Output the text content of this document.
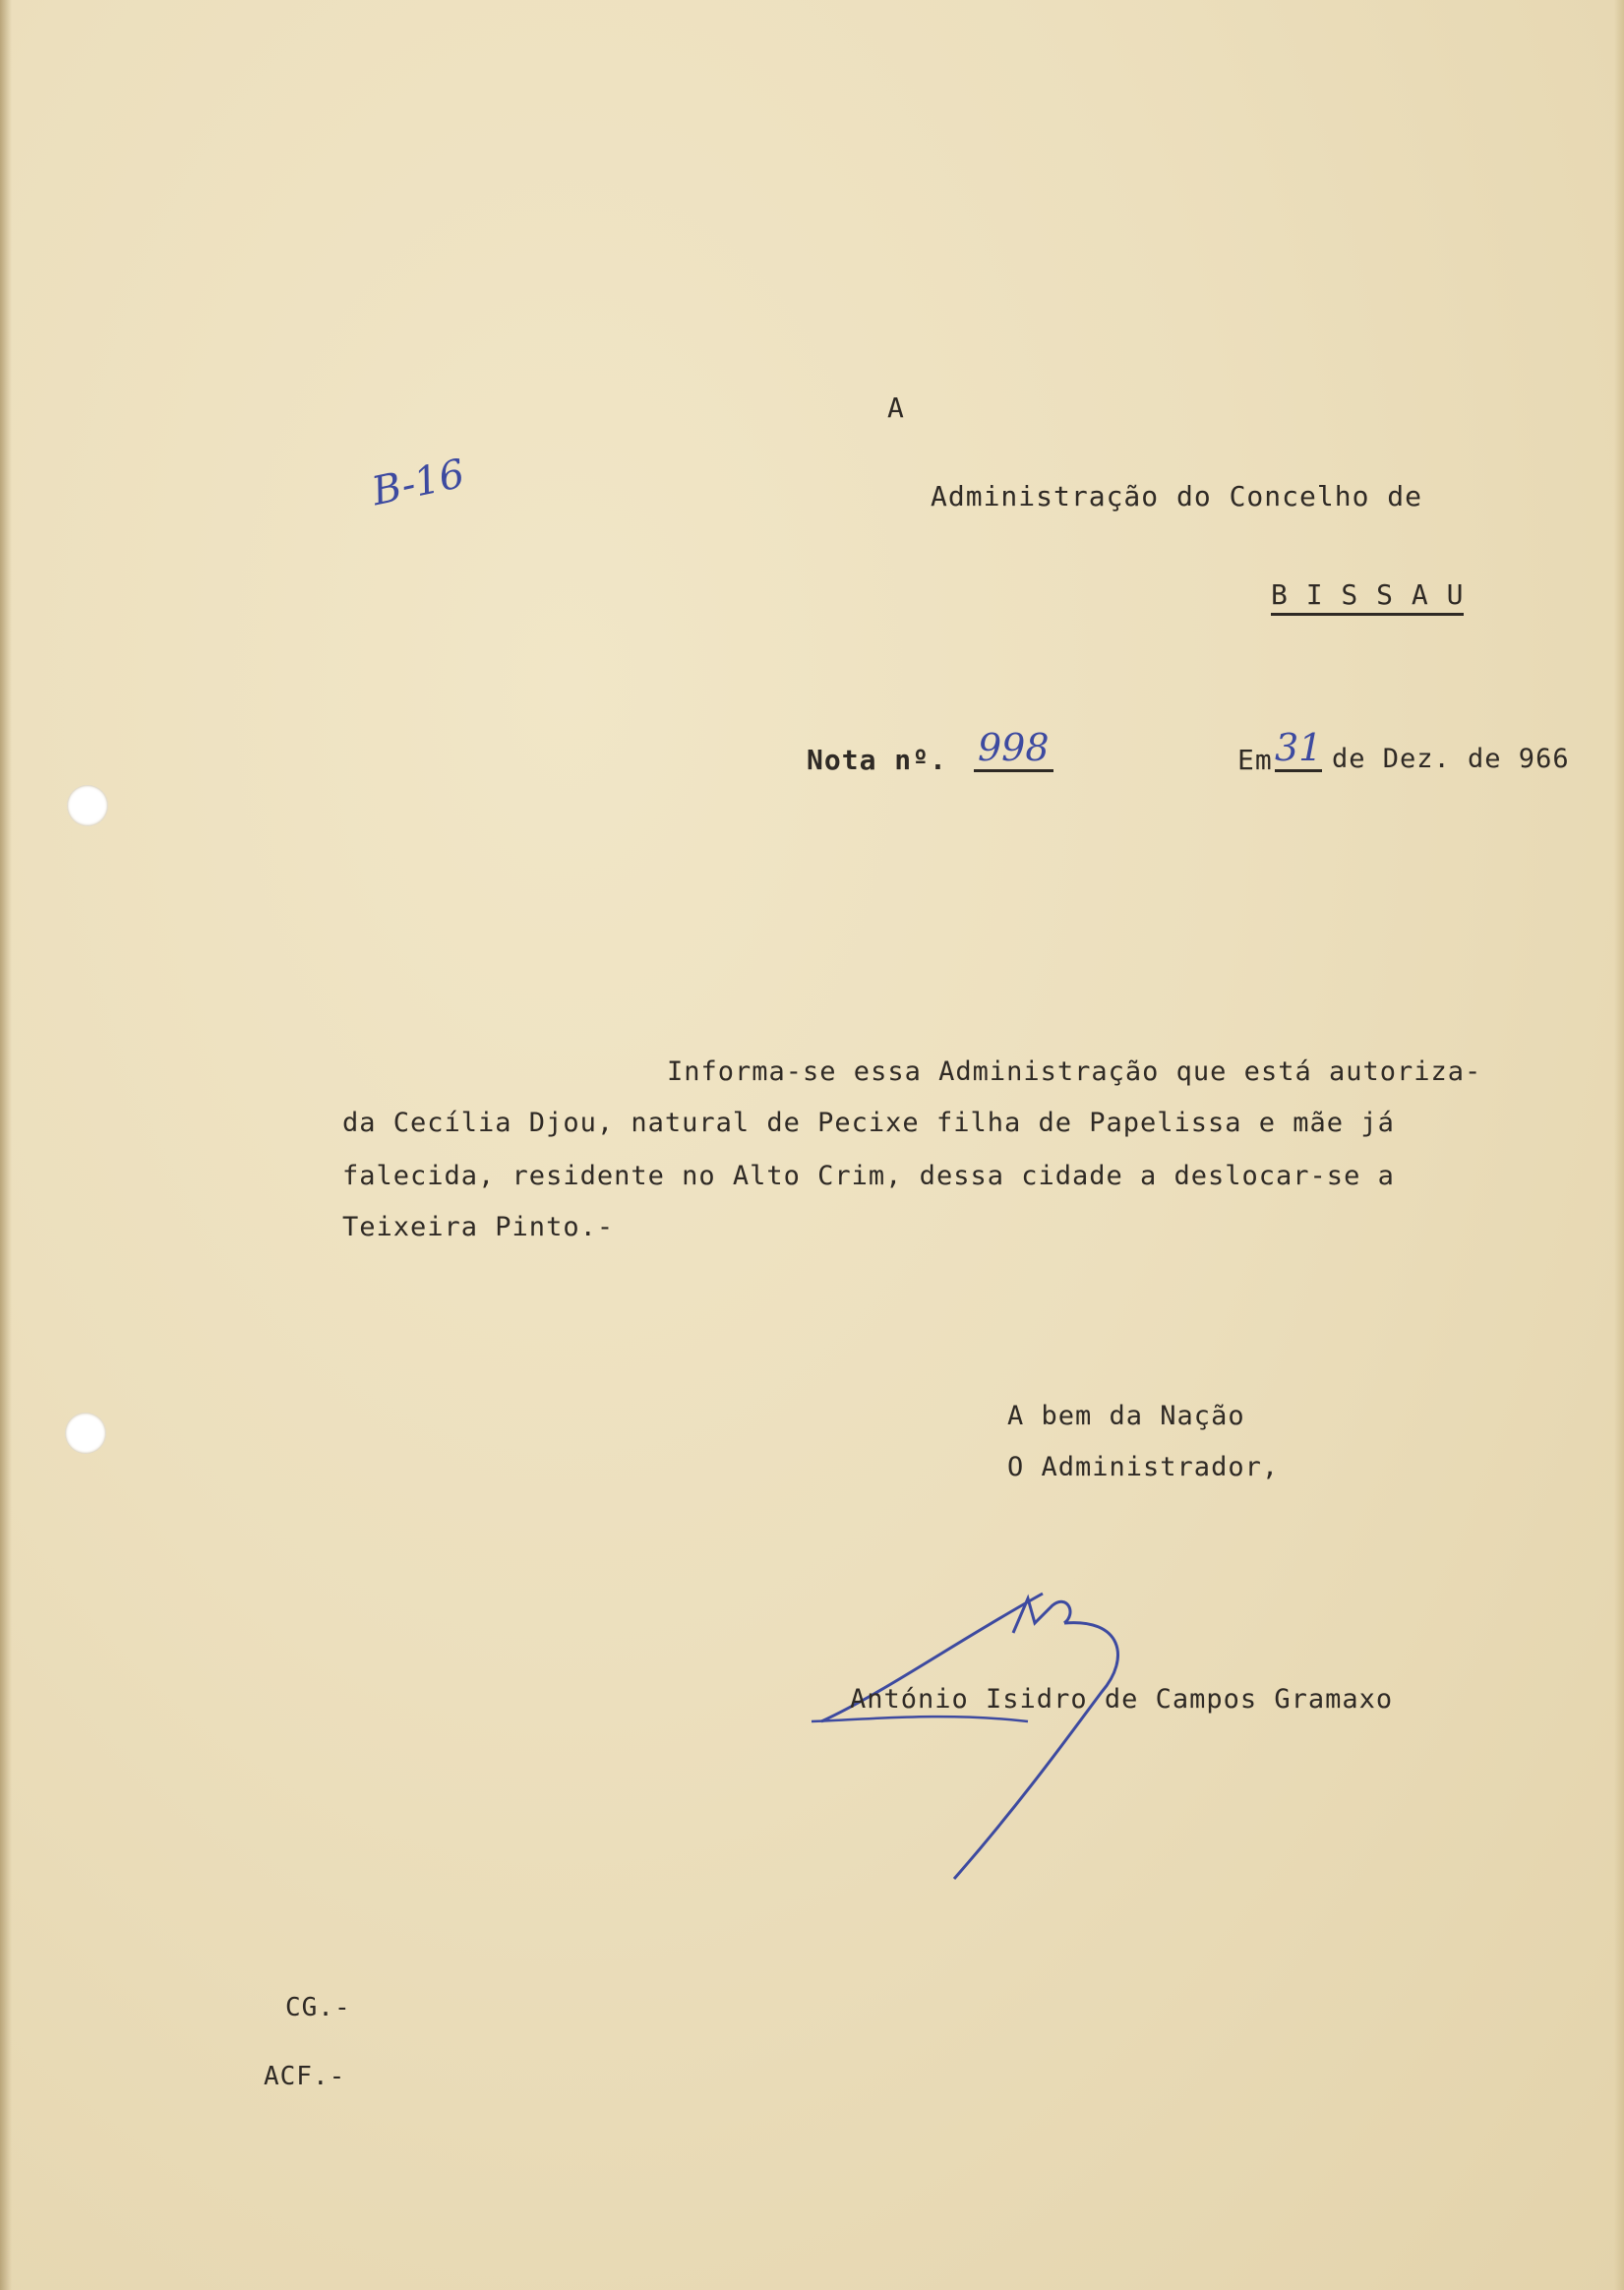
A
Administração do Concelho de
B I S S A U
B-16
Nota nº. 998	Em 31 de Dez. de 966
Informa-se essa Administração que está autoriza-
da Cecília Djou, natural de Pecixe filha de Papelissa e mãe já
falecida, residente no Alto Crim, dessa cidade a deslocar-se a
Teixeira Pinto.-
A bem da Nação
O Administrador,
António Isidro de Campos Gramaxo
CG.-
ACF.-
